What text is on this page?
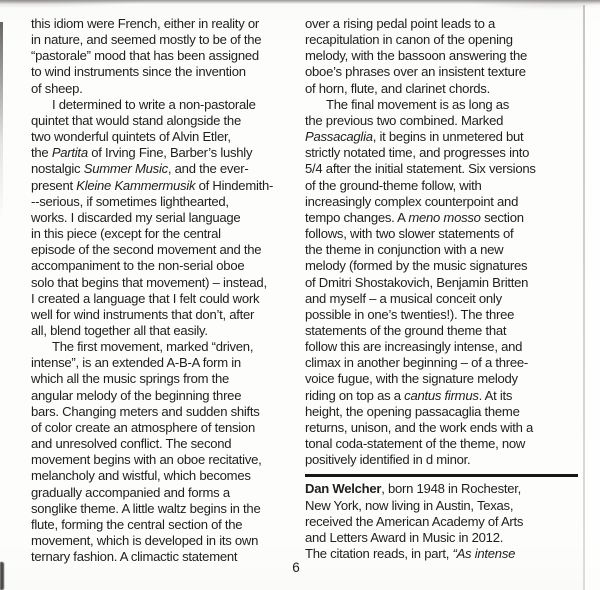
this idiom were French, either in reality or
in nature, and seemed mostly to be of the
“pastorale” mood that has been assigned
to wind instruments since the invention
of sheep.
I determined to write a non-pastorale
quintet that would stand alongside the
two wonderful quintets of Alvin Etler,
the Partita of Irving Fine, Barber’s lushly
nostalgic Summer Music, and the ever-
present Kleine Kammermusik of Hindemith-
--serious, if sometimes lighthearted,
works. I discarded my serial language
in this piece (except for the central
episode of the second movement and the
accompaniment to the non-serial oboe
solo that begins that movement) – instead,
I created a language that I felt could work
well for wind instruments that don’t, after
all, blend together all that easily.
The first movement, marked “driven,
intense”, is an extended A-B-A form in
which all the music springs from the
angular melody of the beginning three
bars. Changing meters and sudden shifts
of color create an atmosphere of tension
and unresolved conflict. The second
movement begins with an oboe recitative,
melancholy and wistful, which becomes
gradually accompanied and forms a
songlike theme. A little waltz begins in the
flute, forming the central section of the
movement, which is developed in its own
ternary fashion. A climactic statement
over a rising pedal point leads to a
recapitulation in canon of the opening
melody, with the bassoon answering the
oboe’s phrases over an insistent texture
of horn, flute, and clarinet chords.
The final movement is as long as
the previous two combined. Marked
Passacaglia, it begins in unmetered but
strictly notated time, and progresses into
5/4 after the initial statement. Six versions
of the ground-theme follow, with
increasingly complex counterpoint and
tempo changes. A meno mosso section
follows, with two slower statements of
the theme in conjunction with a new
melody (formed by the music signatures
of Dmitri Shostakovich, Benjamin Britten
and myself – a musical conceit only
possible in one’s twenties!). The three
statements of the ground theme that
follow this are increasingly intense, and
climax in another beginning – of a three-
voice fugue, with the signature melody
riding on top as a cantus firmus. At its
height, the opening passacaglia theme
returns, unison, and the work ends with a
tonal coda-statement of the theme, now
positively identified in d minor.
Dan Welcher, born 1948 in Rochester,
New York, now living in Austin, Texas,
received the American Academy of Arts
and Letters Award in Music in 2012.
The citation reads, in part, “As intense
6
